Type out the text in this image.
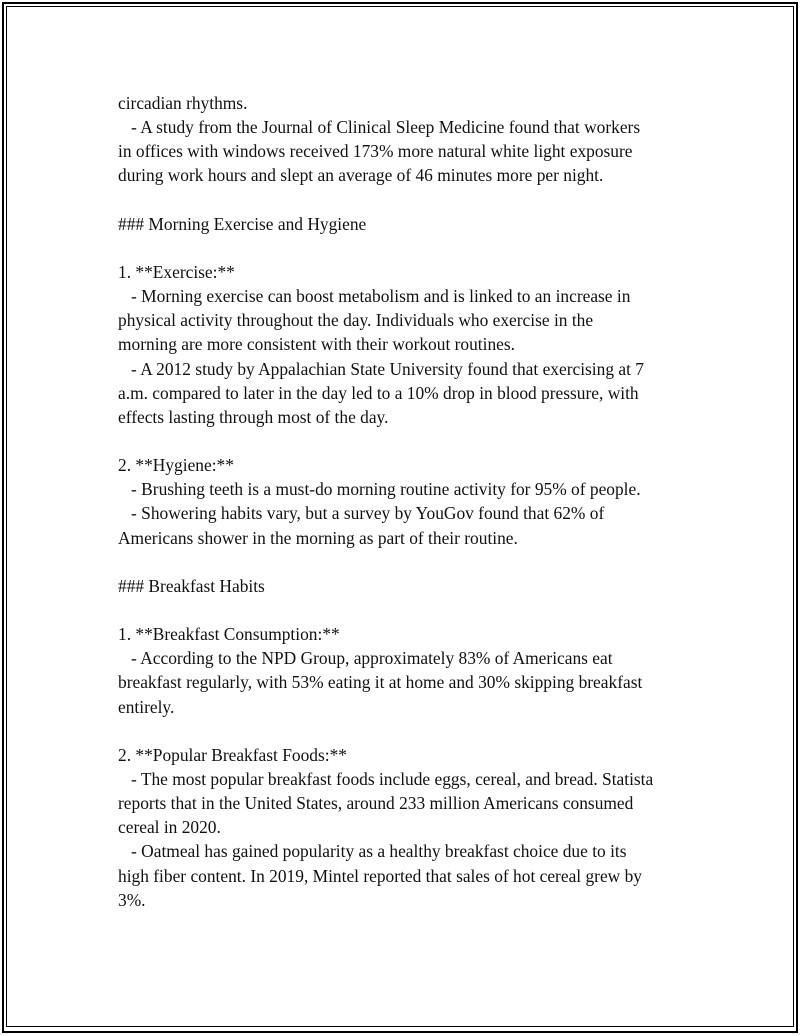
circadian rhythms.
- A study from the Journal of Clinical Sleep Medicine found that workers
in offices with windows received 173% more natural white light exposure
during work hours and slept an average of 46 minutes more per night.
### Morning Exercise and Hygiene
1. **Exercise:**
- Morning exercise can boost metabolism and is linked to an increase in
physical activity throughout the day. Individuals who exercise in the
morning are more consistent with their workout routines.
- A 2012 study by Appalachian State University found that exercising at 7
a.m. compared to later in the day led to a 10% drop in blood pressure, with
effects lasting through most of the day.
2. **Hygiene:**
- Brushing teeth is a must-do morning routine activity for 95% of people.
- Showering habits vary, but a survey by YouGov found that 62% of
Americans shower in the morning as part of their routine.
### Breakfast Habits
1. **Breakfast Consumption:**
- According to the NPD Group, approximately 83% of Americans eat
breakfast regularly, with 53% eating it at home and 30% skipping breakfast
entirely.
2. **Popular Breakfast Foods:**
- The most popular breakfast foods include eggs, cereal, and bread. Statista
reports that in the United States, around 233 million Americans consumed
cereal in 2020.
- Oatmeal has gained popularity as a healthy breakfast choice due to its
high fiber content. In 2019, Mintel reported that sales of hot cereal grew by
3%.
